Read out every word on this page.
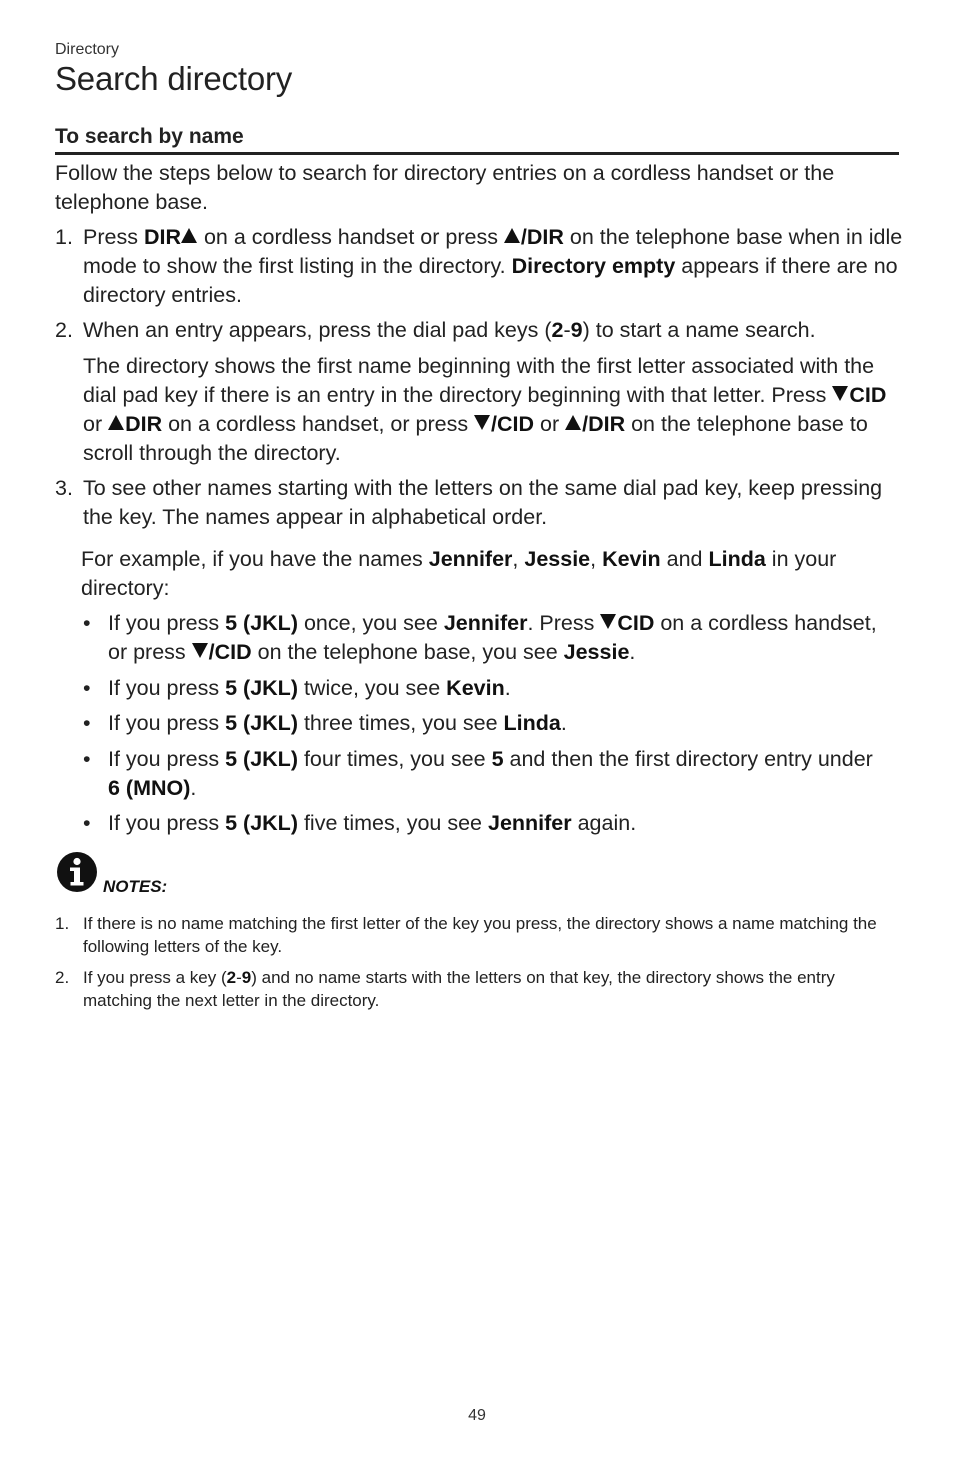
Directory
Search directory
To search by name
Follow the steps below to search for directory entries on a cordless handset or the telephone base.
1. Press DIR on a cordless handset or press /DIR on the telephone base when in idle mode to show the first listing in the directory. Directory empty appears if there are no directory entries.
2. When an entry appears, press the dial pad keys (2-9) to start a name search.
The directory shows the first name beginning with the first letter associated with the dial pad key if there is an entry in the directory beginning with that letter. Press CID or DIR on a cordless handset, or press /CID or /DIR on the telephone base to scroll through the directory.
3. To see other names starting with the letters on the same dial pad key, keep pressing the key. The names appear in alphabetical order.
For example, if you have the names Jennifer, Jessie, Kevin and Linda in your directory:
• If you press 5 (JKL) once, you see Jennifer. Press CID on a cordless handset, or press /CID on the telephone base, you see Jessie.
• If you press 5 (JKL) twice, you see Kevin.
• If you press 5 (JKL) three times, you see Linda.
• If you press 5 (JKL) four times, you see 5 and then the first directory entry under 6 (MNO).
• If you press 5 (JKL) five times, you see Jennifer again.
NOTES:
1. If there is no name matching the first letter of the key you press, the directory shows a name matching the following letters of the key.
2. If you press a key (2-9) and no name starts with the letters on that key, the directory shows the entry matching the next letter in the directory.
49
